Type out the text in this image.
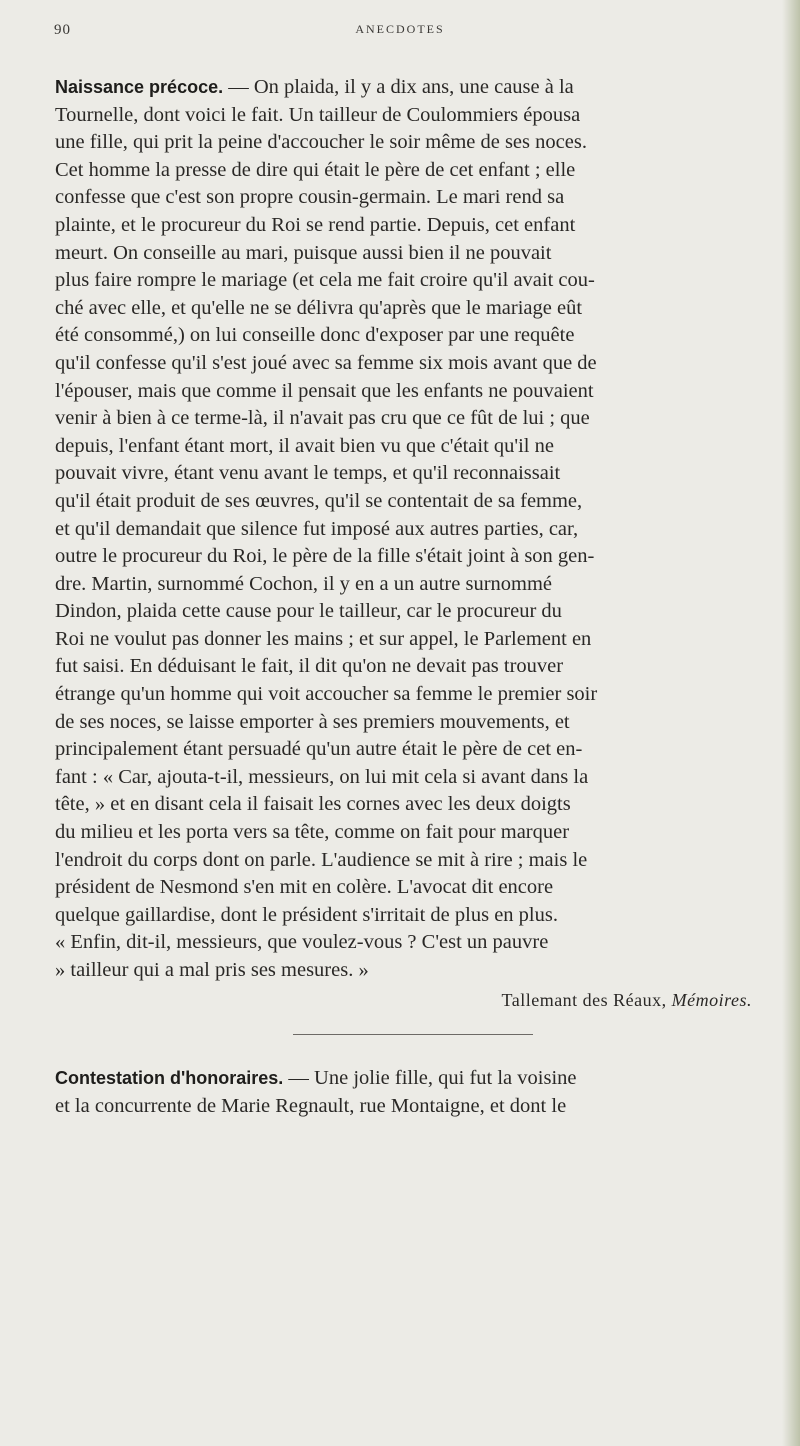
90	ANECDOTES

Naissance précoce. — On plaida, il y a dix ans, une cause à la
Tournelle, dont voici le fait. Un tailleur de Coulommiers épousa
une fille, qui prit la peine d'accoucher le soir même de ses noces.
Cet homme la presse de dire qui était le père de cet enfant ; elle
confesse que c'est son propre cousin-germain. Le mari rend sa
plainte, et le procureur du Roi se rend partie. Depuis, cet enfant
meurt. On conseille au mari, puisque aussi bien il ne pouvait
plus faire rompre le mariage (et cela me fait croire qu'il avait cou-
ché avec elle, et qu'elle ne se délivra qu'après que le mariage eût
été consommé,) on lui conseille donc d'exposer par une requête
qu'il confesse qu'il s'est joué avec sa femme six mois avant que de
l'épouser, mais que comme il pensait que les enfants ne pouvaient
venir à bien à ce terme-là, il n'avait pas cru que ce fût de lui ; que
depuis, l'enfant étant mort, il avait bien vu que c'était qu'il ne
pouvait vivre, étant venu avant le temps, et qu'il reconnaissait
qu'il était produit de ses œuvres, qu'il se contentait de sa femme,
et qu'il demandait que silence fut imposé aux autres parties, car,
outre le procureur du Roi, le père de la fille s'était joint à son gen-
dre. Martin, surnommé Cochon, il y en a un autre surnommé
Dindon, plaida cette cause pour le tailleur, car le procureur du
Roi ne voulut pas donner les mains ; et sur appel, le Parlement en
fut saisi. En déduisant le fait, il dit qu'on ne devait pas trouver
étrange qu'un homme qui voit accoucher sa femme le premier soir
de ses noces, se laisse emporter à ses premiers mouvements, et
principalement étant persuadé qu'un autre était le père de cet en-
fant : « Car, ajouta-t-il, messieurs, on lui mit cela si avant dans la
tête, » et en disant cela il faisait les cornes avec les deux doigts
du milieu et les porta vers sa tête, comme on fait pour marquer
l'endroit du corps dont on parle. L'audience se mit à rire ; mais le
président de Nesmond s'en mit en colère. L'avocat dit encore
quelque gaillardise, dont le président s'irritait de plus en plus.
« Enfin, dit-il, messieurs, que voulez-vous ? C'est un pauvre
» tailleur qui a mal pris ses mesures. »

Tallemant des Réaux, Mémoires.

Contestation d'honoraires. — Une jolie fille, qui fut la voisine
et la concurrente de Marie Regnault, rue Montaigne, et dont le
